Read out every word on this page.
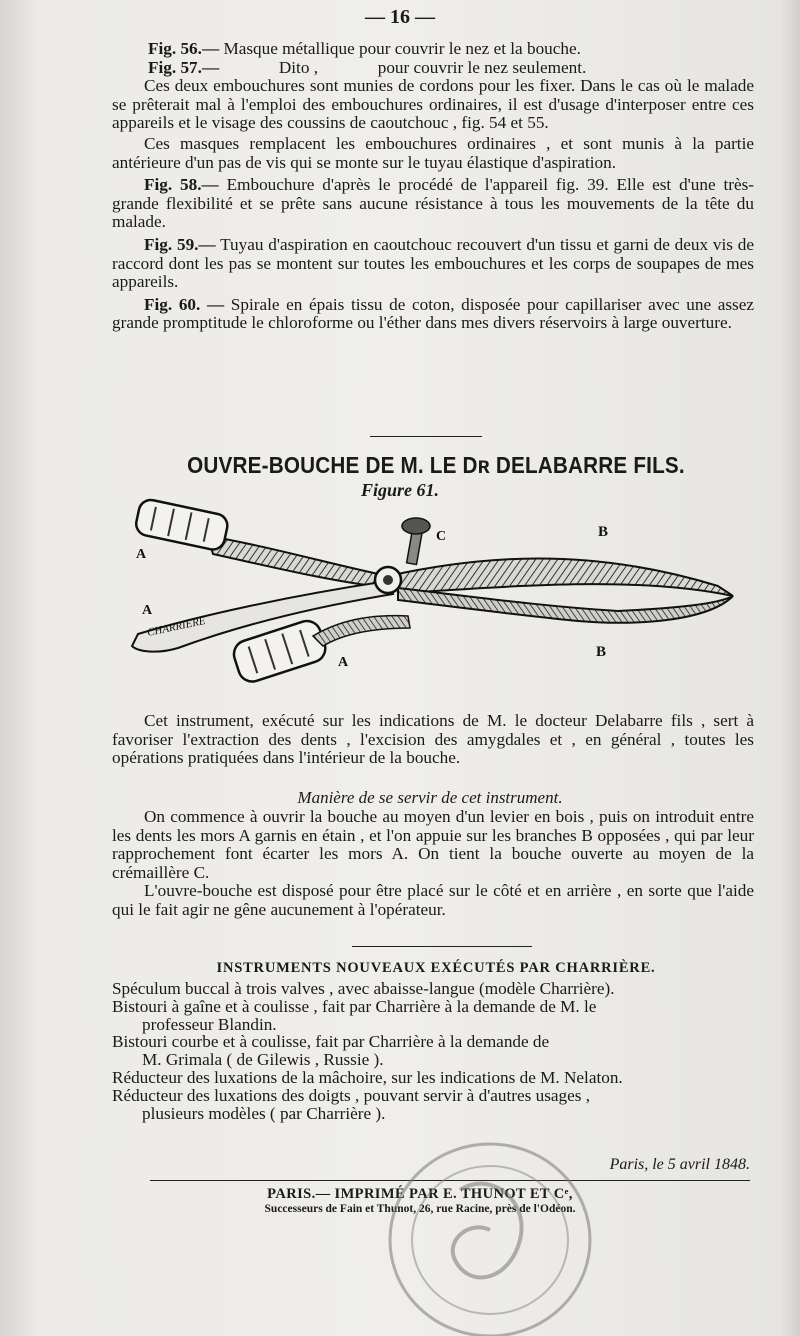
— 16 —

Fig. 56.— Masque métallique pour couvrir le nez et la bouche.

Fig. 57.—	Dito ,	pour couvrir le nez seulement.

Ces deux embouchures sont munies de cordons pour les fixer. Dans le cas où le malade se prêterait mal à l'emploi des embouchures ordinaires, il est d'usage d'interposer entre ces appareils et le visage des coussins de caoutchouc , fig. 54 et 55.

Ces masques remplacent les embouchures ordinaires , et sont munis à la partie antérieure d'un pas de vis qui se monte sur le tuyau élastique d'aspiration.

Fig. 58.— Embouchure d'après le procédé de l'appareil fig. 39. Elle est d'une très-grande flexibilité et se prête sans aucune résistance à tous les mouvements de la tête du malade.

Fig. 59.— Tuyau d'aspiration en caoutchouc recouvert d'un tissu et garni de deux vis de raccord dont les pas se montent sur toutes les embouchures et les corps de soupapes de mes appareils.

Fig. 60. — Spirale en épais tissu de coton, disposée pour capillariser avec une assez grande promptitude le chloroforme ou l'éther dans mes divers réservoirs à large ouverture.

OUVRE-BOUCHE DE M. LE Dʀ DELABARRE FILS.
Figure 61.
CHARRIERE
A
A
A
B
B
C

Cet instrument, exécuté sur les indications de M. le docteur Delabarre fils , sert à favoriser l'extraction des dents , l'excision des amygdales et , en général , toutes les opérations pratiquées dans l'intérieur de la bouche.

Manière de se servir de cet instrument.

On commence à ouvrir la bouche au moyen d'un levier en bois , puis on introduit entre les dents les mors A garnis en étain , et l'on appuie sur les branches B opposées , qui par leur rapprochement font écarter les mors A. On tient la bouche ouverte au moyen de la crémaillère C.

L'ouvre-bouche est disposé pour être placé sur le côté et en arrière , en sorte que l'aide qui le fait agir ne gêne aucunement à l'opérateur.

INSTRUMENTS NOUVEAUX EXÉCUTÉS PAR CHARRIÈRE.
Spéculum buccal à trois valves , avec abaisse-langue (modèle Charrière).
Bistouri à gaîne et à coulisse , fait par Charrière à la demande de M. le
professeur Blandin.
Bistouri courbe et à coulisse, fait par Charrière à la demande de
M. Grimala ( de Gilewis , Russie ).
Réducteur des luxations de la mâchoire, sur les indications de M. Nelaton.
Réducteur des luxations des doigts , pouvant servir à d'autres usages ,
plusieurs modèles ( par Charrière ).
Paris, le 5 avril 1848.
PARIS.— IMPRIMÉ PAR E. THUNOT ET Cᵉ,
Successeurs de Fain et Thunot, 26, rue Racine, près de l'Odéon.
